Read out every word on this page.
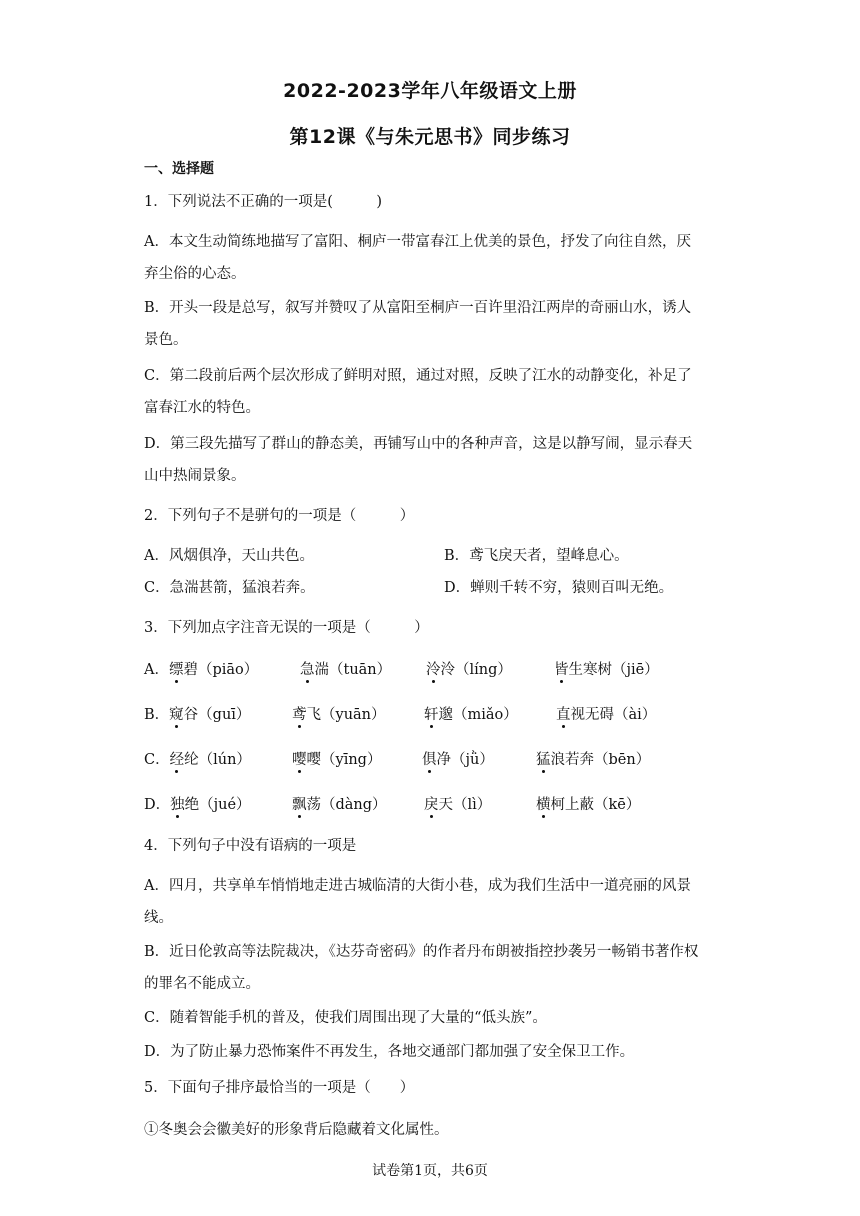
2022-2023学年八年级语文上册
第12课《与朱元思书》同步练习
一、选择题
1．下列说法不正确的一项是(　　　)
A．本文生动简练地描写了富阳、桐庐一带富春江上优美的景色，抒发了向往自然，厌
弃尘俗的心态。
B．开头一段是总写，叙写并赞叹了从富阳至桐庐一百许里沿江两岸的奇丽山水，诱人
景色。
C．第二段前后两个层次形成了鲜明对照，通过对照，反映了江水的动静变化，补足了
富春江水的特色。
D．第三段先描写了群山的静态美，再铺写山中的各种声音，这是以静写闹，显示春天
山中热闹景象。
2．下列句子不是骈句的一项是（　　　）
A．风烟俱净，天山共色。	B．鸢飞戾天者，望峰息心。
C．急湍甚箭，猛浪若奔。	D．蝉则千转不穷，猿则百叫无绝。
3．下列加点字注音无误的一项是（　　　）
A．缥碧（piāo）	急湍（tuān） 泠泠（líng）	皆生寒树（jiē）
B．窥谷（guī）	鸢飞（yuān）	轩邈（miǎo）	直视无碍（ài）
C．经纶（lún）	嘤嘤（yīng）	俱净（jǜ）	猛浪若奔（bēn）
D．独绝（jué）	飘荡（dàng）	戾天（lì）	横柯上蔽（kē）
4．下列句子中没有语病的一项是
A．四月，共享单车悄悄地走进古城临清的大街小巷，成为我们生活中一道亮丽的风景
线。
B．近日伦敦高等法院裁决，《达芬奇密码》的作者丹布朗被指控抄袭另一畅销书著作权
的罪名不能成立。
C．随着智能手机的普及，使我们周围出现了大量的“低头族”。
D．为了防止暴力恐怖案件不再发生，各地交通部门都加强了安全保卫工作。
5．下面句子排序最恰当的一项是（　　）
①冬奥会会徽美好的形象背后隐藏着文化属性。
试卷第1页，共6页
